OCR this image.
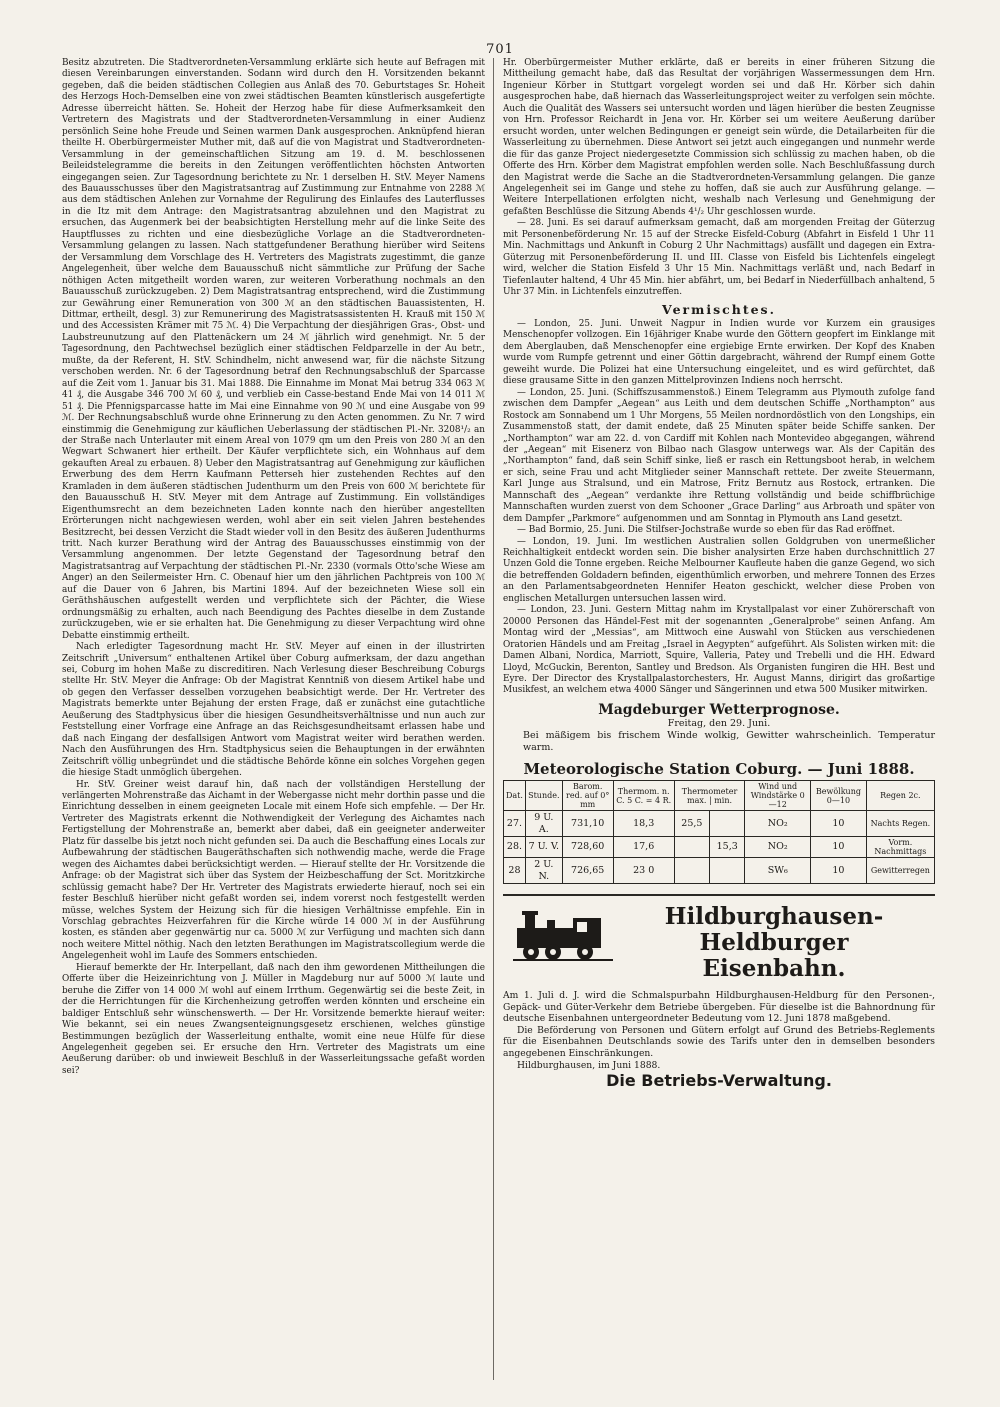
701

Besitz abzutreten. Die Stadtverordneten-Versammlung erklärte sich heute auf Befragen mit diesen Vereinbarungen einverstanden. Sodann wird durch den H. Vorsitzenden bekannt gegeben, daß die beiden städtischen Collegien aus Anlaß des 70. Geburtstages Sr. Hoheit des Herzogs Hoch-Demselben eine von zwei städtischen Beamten künstlerisch ausgefertigte Adresse überreicht hätten. Se. Hoheit der Herzog habe für diese Aufmerksamkeit den Vertretern des Magistrats und der Stadtverordneten-Versammlung in einer Audienz persönlich Seine hohe Freude und Seinen warmen Dank ausgesprochen. Anknüpfend hieran theilte H. Oberbürgermeister Muther mit, daß auf die von Magistrat und Stadtverordneten-Versammlung in der gemeinschaftlichen Sitzung am 19. d. M. beschlossenen Beileidstelegramme die bereits in den Zeitungen veröffentlichten höchsten Antworten eingegangen seien. Zur Tagesordnung berichtete zu Nr. 1 derselben H. StV. Meyer Namens des Bauausschusses über den Magistratsantrag auf Zustimmung zur Entnahme von 2288 ℳ aus dem städtischen Anlehen zur Vornahme der Regulirung des Einlaufes des Lauterflusses in die Itz mit dem Antrage: den Magistratsantrag abzulehnen und den Magistrat zu ersuchen, das Augenmerk bei der beabsichtigten Herstellung mehr auf die linke Seite des Hauptflusses zu richten und eine diesbezügliche Vorlage an die Stadtverordneten-Versammlung gelangen zu lassen. Nach stattgefundener Berathung hierüber wird Seitens der Versammlung dem Vorschlage des H. Vertreters des Magistrats zugestimmt, die ganze Angelegenheit, über welche dem Bauausschuß nicht sämmtliche zur Prüfung der Sache nöthigen Acten mitgetheilt worden waren, zur weiteren Vorberathung nochmals an den Bauausschuß zurückzugeben. 2) Dem Magistratsantrag entsprechend, wird die Zustimmung zur Gewährung einer Remuneration von 300 ℳ an den städtischen Bauassistenten, H. Dittmar, ertheilt, desgl. 3) zur Remunerirung des Magistratsassistenten H. Krauß mit 150 ℳ und des Accessisten Krämer mit 75 ℳ. 4) Die Verpachtung der diesjährigen Gras-, Obst- und Laubstreunutzung auf den Plattenäckern um 24 ℳ jährlich wird genehmigt. Nr. 5 der Tagesordnung, den Pachtwechsel bezüglich einer städtischen Feldparzelle in der Au betr., mußte, da der Referent, H. StV. Schindhelm, nicht anwesend war, für die nächste Sitzung verschoben werden. Nr. 6 der Tagesordnung betraf den Rechnungsabschluß der Sparcasse auf die Zeit vom 1. Januar bis 31. Mai 1888. Die Einnahme im Monat Mai betrug 334 063 ℳ 41 ₰, die Ausgabe 346 700 ℳ 60 ₰, und verblieb ein Casse-bestand Ende Mai von 14 011 ℳ 51 ₰. Die Pfennigsparcasse hatte im Mai eine Einnahme von 90 ℳ und eine Ausgabe von 99 ℳ. Der Rechnungsabschluß wurde ohne Erinnerung zu den Acten genommen. Zu Nr. 7 wird einstimmig die Genehmigung zur käuflichen Ueberlassung der städtischen Pl.-Nr. 3208¹/₂ an der Straße nach Unterlauter mit einem Areal von 1079 qm um den Preis von 280 ℳ an den Wegwart Schwanert hier ertheilt. Der Käufer verpflichtete sich, ein Wohnhaus auf dem gekauften Areal zu erbauen. 8) Ueber den Magistratsantrag auf Genehmigung zur käuflichen Erwerbung des dem Herrn Kaufmann Petterseh hier zustehenden Rechtes auf den Kramladen in dem äußeren städtischen Judenthurm um den Preis von 600 ℳ berichtete für den Bauausschuß H. StV. Meyer mit dem Antrage auf Zustimmung. Ein vollständiges Eigenthumsrecht an dem bezeichneten Laden konnte nach den hierüber angestellten Erörterungen nicht nachgewiesen werden, wohl aber ein seit vielen Jahren bestehendes Besitzrecht, bei dessen Verzicht die Stadt wieder voll in den Besitz des äußeren Judenthurms tritt. Nach kurzer Berathung wird der Antrag des Bauausschusses einstimmig von der Versammlung angenommen. Der letzte Gegenstand der Tagesordnung betraf den Magistratsantrag auf Verpachtung der städtischen Pl.-Nr. 2330 (vormals Otto'sche Wiese am Anger) an den Seilermeister Hrn. C. Obenauf hier um den jährlichen Pachtpreis von 100 ℳ auf die Dauer von 6 Jahren, bis Martini 1894. Auf der bezeichneten Wiese soll ein Geräthshäuschen aufgestellt werden und verpflichtete sich der Pächter, die Wiese ordnungsmäßig zu erhalten, auch nach Beendigung des Pachtes dieselbe in dem Zustande zurückzugeben, wie er sie erhalten hat. Die Genehmigung zu dieser Verpachtung wird ohne Debatte einstimmig ertheilt.

Nach erledigter Tagesordnung macht Hr. StV. Meyer auf einen in der illustrirten Zeitschrift „Universum“ enthaltenen Artikel über Coburg aufmerksam, der dazu angethan sei, Coburg im hohen Maße zu discreditiren. Nach Verlesung dieser Beschreibung Coburgs stellte Hr. StV. Meyer die Anfrage: Ob der Magistrat Kenntniß von diesem Artikel habe und ob gegen den Verfasser desselben vorzugehen beabsichtigt werde. Der Hr. Vertreter des Magistrats bemerkte unter Bejahung der ersten Frage, daß er zunächst eine gutachtliche Aeußerung des Stadtphysicus über die hiesigen Gesundheitsverhältnisse und nun auch zur Feststellung einer Vorfrage eine Anfrage an das Reichsgesundheitsamt erlassen habe und daß nach Eingang der desfallsigen Antwort vom Magistrat weiter wird berathen werden. Nach den Ausführungen des Hrn. Stadtphysicus seien die Behauptungen in der erwähnten Zeitschrift völlig unbegründet und die städtische Behörde könne ein solches Vorgehen gegen die hiesige Stadt unmöglich übergehen.

Hr. StV. Greiner weist darauf hin, daß nach der vollständigen Herstellung der verlängerten Mohrenstraße das Aichamt in der Webergasse nicht mehr dorthin passe und die Einrichtung desselben in einem geeigneten Locale mit einem Hofe sich empfehle. — Der Hr. Vertreter des Magistrats erkennt die Nothwendigkeit der Verlegung des Aichamtes nach Fertigstellung der Mohrenstraße an, bemerkt aber dabei, daß ein geeigneter anderweiter Platz für dasselbe bis jetzt noch nicht gefunden sei. Da auch die Beschaffung eines Locals zur Aufbewahrung der städtischen Baugeräthschaften sich nothwendig mache, werde die Frage wegen des Aichamtes dabei berücksichtigt werden. — Hierauf stellte der Hr. Vorsitzende die Anfrage: ob der Magistrat sich über das System der Heizbeschaffung der Sct. Moritzkirche schlüssig gemacht habe? Der Hr. Vertreter des Magistrats erwiederte hierauf, noch sei ein fester Beschluß hierüber nicht gefaßt worden sei, indem vorerst noch festgestellt werden müsse, welches System der Heizung sich für die hiesigen Verhältnisse empfehle. Ein in Vorschlag gebrachtes Heizverfahren für die Kirche würde 14 000 ℳ in der Ausführung kosten, es ständen aber gegenwärtig nur ca. 5000 ℳ zur Verfügung und machten sich dann noch weitere Mittel nöthig. Nach den letzten Berathungen im Magistratscollegium werde die Angelegenheit wohl im Laufe des Sommers entschieden.

Hierauf bemerkte der Hr. Interpellant, daß nach den ihm gewordenen Mittheilungen die Offerte über die Heizeinrichtung von J. Müller in Magdeburg nur auf 5000 ℳ laute und beruhe die Ziffer von 14 000 ℳ wohl auf einem Irrthum. Gegenwärtig sei die beste Zeit, in der die Herrichtungen für die Kirchenheizung getroffen werden könnten und erscheine ein baldiger Entschluß sehr wünschenswerth. — Der Hr. Vorsitzende bemerkte hierauf weiter: Wie bekannt, sei ein neues Zwangsenteignungsgesetz erschienen, welches günstige Bestimmungen bezüglich der Wasserleitung enthalte, womit eine neue Hülfe für diese Angelegenheit gegeben sei. Er ersuche den Hrn. Vertreter des Magistrats um eine Aeußerung darüber: ob und inwieweit Beschluß in der Wasserleitungssache gefaßt worden sei?

Hr. Oberbürgermeister Muther erklärte, daß er bereits in einer früheren Sitzung die Mittheilung gemacht habe, daß das Resultat der vorjährigen Wassermessungen dem Hrn. Ingenieur Körber in Stuttgart vorgelegt worden sei und daß Hr. Körber sich dahin ausgesprochen habe, daß hiernach das Wasserleitungsproject weiter zu verfolgen sein möchte. Auch die Qualität des Wassers sei untersucht worden und lägen hierüber die besten Zeugnisse von Hrn. Professor Reichardt in Jena vor. Hr. Körber sei um weitere Aeußerung darüber ersucht worden, unter welchen Bedingungen er geneigt sein würde, die Detailarbeiten für die Wasserleitung zu übernehmen. Diese Antwort sei jetzt auch eingegangen und nunmehr werde die für das ganze Project niedergesetzte Commission sich schlüssig zu machen haben, ob die Offerte des Hrn. Körber dem Magistrat empfohlen werden solle. Nach Beschlußfassung durch den Magistrat werde die Sache an die Stadtverordneten-Versammlung gelangen. Die ganze Angelegenheit sei im Gange und stehe zu hoffen, daß sie auch zur Ausführung gelange. — Weitere Interpellationen erfolgten nicht, weshalb nach Verlesung und Genehmigung der gefaßten Beschlüsse die Sitzung Abends 4¹/₂ Uhr geschlossen wurde.

— 28. Juni. Es sei darauf aufmerksam gemacht, daß am morgenden Freitag der Güterzug mit Personenbeförderung Nr. 15 auf der Strecke Eisfeld-Coburg (Abfahrt in Eisfeld 1 Uhr 11 Min. Nachmittags und Ankunft in Coburg 2 Uhr Nachmittags) ausfällt und dagegen ein Extra-Güterzug mit Personenbeförderung II. und III. Classe von Eisfeld bis Lichtenfels eingelegt wird, welcher die Station Eisfeld 3 Uhr 15 Min. Nachmittags verläßt und, nach Bedarf in Tiefenlauter haltend, 4 Uhr 45 Min. hier abfährt, um, bei Bedarf in Niederfüllbach anhaltend, 5 Uhr 37 Min. in Lichtenfels einzutreffen.

Vermischtes.

— London, 25. Juni. Unweit Nagpur in Indien wurde vor Kurzem ein grausiges Menschenopfer vollzogen. Ein 16jähriger Knabe wurde den Göttern geopfert im Einklange mit dem Aberglauben, daß Menschenopfer eine ergiebige Ernte erwirken. Der Kopf des Knaben wurde vom Rumpfe getrennt und einer Göttin dargebracht, während der Rumpf einem Gotte geweiht wurde. Die Polizei hat eine Untersuchung eingeleitet, und es wird gefürchtet, daß diese grausame Sitte in den ganzen Mittelprovinzen Indiens noch herrscht.

— London, 25. Juni. (Schiffszusammenstoß.) Einem Telegramm aus Plymouth zufolge fand zwischen dem Dampfer „Aegean“ aus Leith und dem deutschen Schiffe „Northampton“ aus Rostock am Sonnabend um 1 Uhr Morgens, 55 Meilen nordnordöstlich von den Longships, ein Zusammenstoß statt, der damit endete, daß 25 Minuten später beide Schiffe sanken. Der „Northampton“ war am 22. d. von Cardiff mit Kohlen nach Montevideo abgegangen, während der „Aegean“ mit Eisenerz von Bilbao nach Glasgow unterwegs war. Als der Capitän des „Northampton“ fand, daß sein Schiff sinke, ließ er rasch ein Rettungsboot herab, in welchem er sich, seine Frau und acht Mitglieder seiner Mannschaft rettete. Der zweite Steuermann, Karl Junge aus Stralsund, und ein Matrose, Fritz Bernutz aus Rostock, ertranken. Die Mannschaft des „Aegean“ verdankte ihre Rettung vollständig und beide schiffbrüchige Mannschaften wurden zuerst von dem Schooner „Grace Darling“ aus Arbroath und später von dem Dampfer „Parkmore“ aufgenommen und am Sonntag in Plymouth ans Land gesetzt.

— Bad Bormio, 25. Juni. Die Stilfser-Jochstraße wurde so eben für das Rad eröffnet.

— London, 19. Juni. Im westlichen Australien sollen Goldgruben von unermeßlicher Reichhaltigkeit entdeckt worden sein. Die bisher analysirten Erze haben durchschnittlich 27 Unzen Gold die Tonne ergeben. Reiche Melbourner Kaufleute haben die ganze Gegend, wo sich die betreffenden Goldadern befinden, eigenthümlich erworben, und mehrere Tonnen des Erzes an den Parlamentsabgeordneten Hennifer Heaton geschickt, welcher diese Proben von englischen Metallurgen untersuchen lassen wird.

— London, 23. Juni. Gestern Mittag nahm im Krystallpalast vor einer Zuhörerschaft von 20000 Personen das Händel-Fest mit der sogenannten „Generalprobe“ seinen Anfang. Am Montag wird der „Messias“, am Mittwoch eine Auswahl von Stücken aus verschiedenen Oratorien Händels und am Freitag „Israel in Aegypten“ aufgeführt. Als Solisten wirken mit: die Damen Albani, Nordica, Marriott, Squire, Valleria, Patey und Trebelli und die HH. Edward Lloyd, McGuckin, Berenton, Santley und Bredson. Als Organisten fungiren die HH. Best und Eyre. Der Director des Krystallpalastorchesters, Hr. August Manns, dirigirt das großartige Musikfest, an welchem etwa 4000 Sänger und Sängerinnen und etwa 500 Musiker mitwirken.

Magdeburger Wetterprognose.
Freitag, den 29. Juni.
Bei mäßigem bis frischem Winde wolkig, Gewitter wahrscheinlich. Temperatur warm.
Meteorologische Station Coburg. — Juni 1888.
Dat.	Stunde.	Barom. red. auf 0° mm	Thermom. n. C. 5 C. = 4 R.	Thermometer max. | min.		Wind und Windstärke 0—12	Bewölkung 0—10	Regen 2c.
27.	9 U. A.	731,10	18,3	25,5		NO₂	10	Nachts Regen.
28.	7 U. V.	728,60	17,6		15,3	NO₂	10	Vorm. Nachmittags
28	2 U. N.	726,65	23 0			SW₆	10	Gewitterregen
Hildburghausen-Heldburger
Eisenbahn.
Am 1. Juli d. J. wird die Schmalspurbahn Hildburghausen-Heldburg für den Personen-, Gepäck- und Güter-Verkehr dem Betriebe übergeben. Für dieselbe ist die Bahnordnung für deutsche Eisenbahnen untergeordneter Bedeutung vom 12. Juni 1878 maßgebend.
Die Beförderung von Personen und Gütern erfolgt auf Grund des Betriebs-Reglements für die Eisenbahnen Deutschlands sowie des Tarifs unter den in demselben besonders angegebenen Einschränkungen.
Hildburghausen, im Juni 1888.
Die Betriebs-Verwaltung.
